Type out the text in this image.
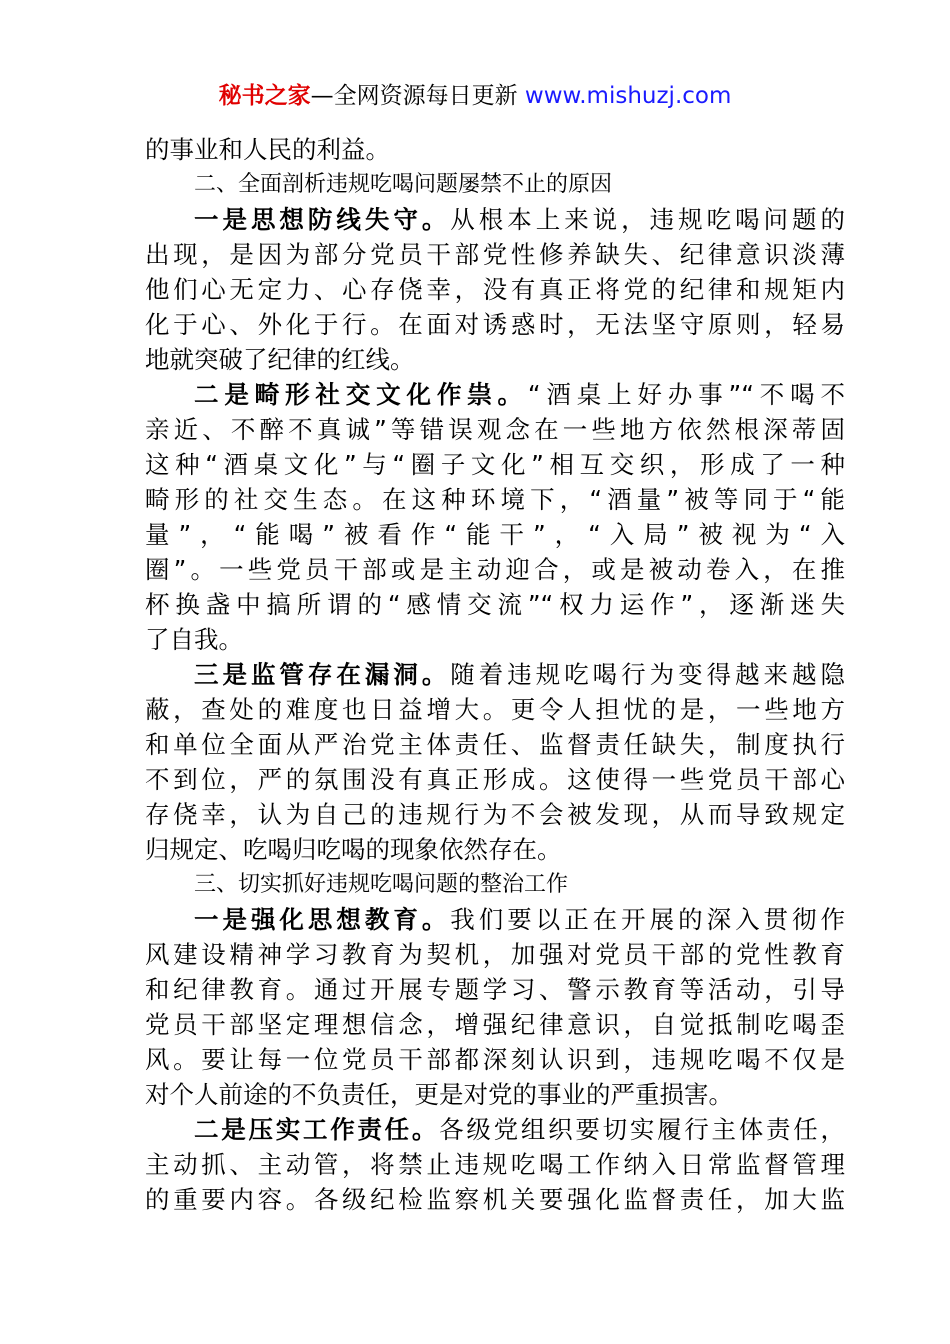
秘书之家—全网资源每日更新 www.mishuzj.com
的事业和人民的利益。
二、全面剖析违规吃喝问题屡禁不止的原因
一是思想防线失守。从根本上来说，违规吃喝问题的
出现，是因为部分党员干部党性修养缺失、纪律意识淡薄
他们心无定力、心存侥幸，没有真正将党的纪律和规矩内
化于心、外化于行。在面对诱惑时，无法坚守原则，轻易
地就突破了纪律的红线。
二是畸形社交文化作祟。“酒桌上好办事”“不喝不
亲近、不醉不真诚”等错误观念在一些地方依然根深蒂固
这种“酒桌文化”与“圈子文化”相互交织，形成了一种
畸形的社交生态。在这种环境下，“酒量”被等同于“能
量”，“能喝”被看作“能干”，“入局”被视为“入
圈”。一些党员干部或是主动迎合，或是被动卷入，在推
杯换盏中搞所谓的“感情交流”“权力运作”，逐渐迷失
了自我。
三是监管存在漏洞。随着违规吃喝行为变得越来越隐
蔽，查处的难度也日益增大。更令人担忧的是，一些地方
和单位全面从严治党主体责任、监督责任缺失，制度执行
不到位，严的氛围没有真正形成。这使得一些党员干部心
存侥幸，认为自己的违规行为不会被发现，从而导致规定
归规定、吃喝归吃喝的现象依然存在。
三、切实抓好违规吃喝问题的整治工作
一是强化思想教育。我们要以正在开展的深入贯彻作
风建设精神学习教育为契机，加强对党员干部的党性教育
和纪律教育。通过开展专题学习、警示教育等活动，引导
党员干部坚定理想信念，增强纪律意识，自觉抵制吃喝歪
风。要让每一位党员干部都深刻认识到，违规吃喝不仅是
对个人前途的不负责任，更是对党的事业的严重损害。
二是压实工作责任。各级党组织要切实履行主体责任，
主动抓、主动管，将禁止违规吃喝工作纳入日常监督管理
的重要内容。各级纪检监察机关要强化监督责任，加大监
